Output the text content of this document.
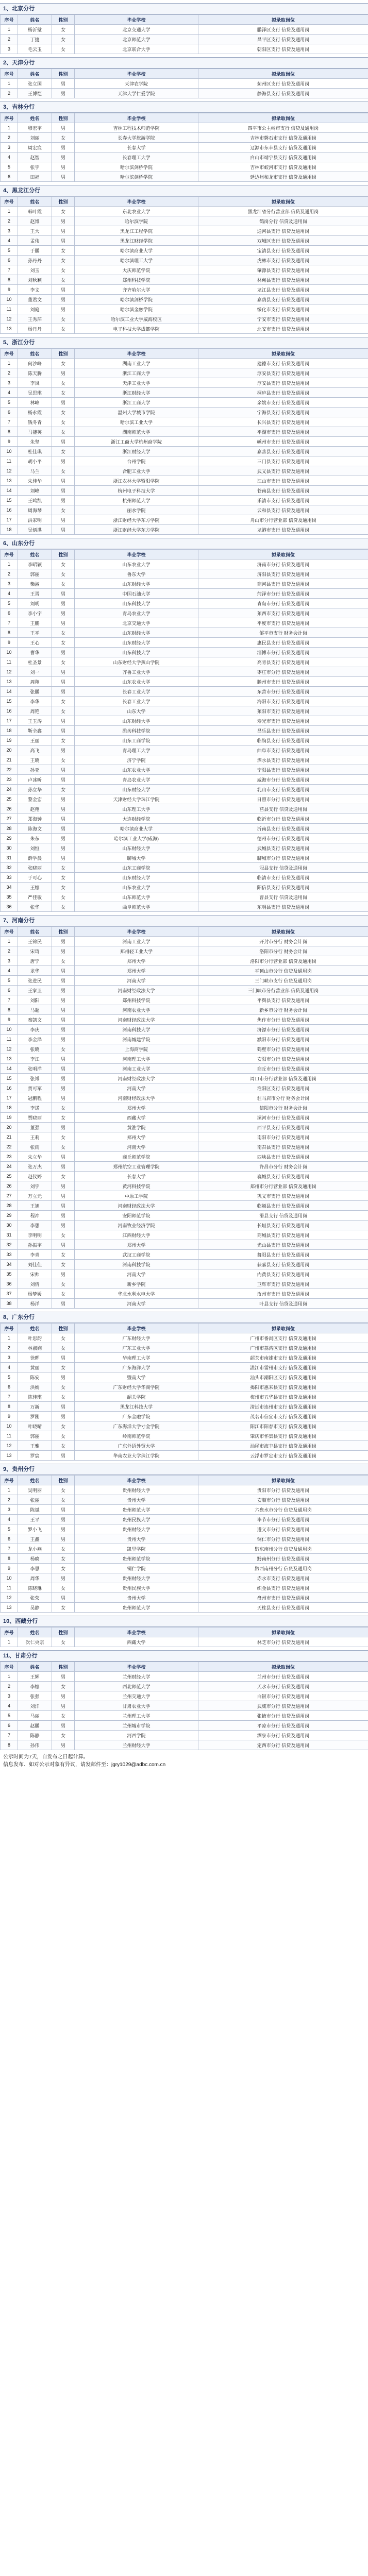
1、北京分行
序号	姓名	性别	毕业学校	拟录取岗位
1	杨沂璧	女	北京交通大学	鹏泽区支行 信贷及通用岗
2	丁捷	女	北京师范大学	昌平区支行 信贷及通用岗
3	毛云玉	女	北京联合大学	朝阳区支行 信贷及通用岗
2、天津分行
序号	姓名	性别	毕业学校	拟录取岗位
1	张立国	男	天津农学院	蓟州区支行 信贷及通用岗
2	王博恺	男	天津大学仁爱学院	静海县支行 信贷及通用岗
3、吉林分行
序号	姓名	性别	毕业学校	拟录取岗位
1	穆宏宇	男	吉林工程技术师范学院	四平市公主岭市支行 信贷及通用岗
2	刘丽	女	长春大学旅游学院	吉林市磐石市支行 信贷及通用岗
3	周宏宸	男	长春大学	辽源市东丰县支行 信贷及通用岗
4	赵智	男	长春理工大学	白山市靖宇县支行 信贷及通用岗
5	张宇	男	哈尔滨剑桥学院	吉林市蛟河市支行 信贷及通用岗
6	田福	男	哈尔滨剑桥学院	延边州和龙市支行 信贷及通用岗
4、黑龙江分行
序号	姓名	性别	毕业学校	拟录取岗位
1	韩叶霞	女	东北农业大学	黑龙江省分行营业部 信贷及通用岗
2	赵博	男	哈尔滨学院	鹤岗分行 信贷及通用岗
3	王大	男	黑龙江工程学院	通河县支行 信贷及通用岗
4	孟伟	男	黑龙江财经学院	双城区支行 信贷及通用岗
5	于鹏	女	哈尔滨商业大学	宝清县支行 信贷及通用岗
6	孙丹丹	女	哈尔滨理工大学	虎林市支行 信贷及通用岗
7	刘玉	女	大庆师范学院	肇源县支行 信贷及通用岗
8	刘秋颖	女	郑州科技学院	林甸县支行 信贷及通用岗
9	李文	男	齐齐哈尔大学	龙江县支行 信贷及通用岗
10	董君文	男	哈尔滨剑桥学院	嘉荫县支行 信贷及通用岗
11	刘庭	男	哈尔滨金融学院	绥化市支行 信贷及通用岗
12	王秀萍	女	哈尔滨工业大学威海校区	宁安市支行 信贷及通用岗
13	杨丹丹	女	电子科技大学成都学院	北安市支行 信贷及通用岗
5、浙江分行
序号	姓名	性别	毕业学校	拟录取岗位
1	何沙峰	女	湖南工业大学	建德市支行 信贷及通用岗
2	陈天腾	男	浙江工商大学	淳安县支行 信贷及通用岗
3	李岚	女	天津工业大学	淳安县支行 信贷及通用岗
4	吴思琪	女	浙江财经大学	桐庐县支行 信贷及通用岗
5	林峰	男	浙江工商大学	余姚市支行 信贷及通用岗
6	杨永霞	女	温州大学城市学院	宁海县支行 信贷及通用岗
7	钱冬青	女	哈尔滨工业大学	长兴县支行 信贷及通用岗
8	马能英	女	湖南师范大学	平湖市支行 信贷及通用岗
9	朱坚	男	浙江工商大学杭州商学院	嵊州市支行 信贷及通用岗
10	杜佳琪	女	浙江财经大学	嘉善县支行 信贷及通用岗
11	胡小平	男	台州学院	三门县支行 信贷及通用岗
12	马兰	女	合肥工业大学	武义县支行 信贷及通用岗
13	朱佳华	男	浙江农林大学暨阳学院	江山市支行 信贷及通用岗
14	刘峰	男	杭州电子科技大学	苍南县支行 信贷及通用岗
15	王鸣凯	男	杭州师范大学	乐清市支行 信贷及通用岗
16	周海琴	女	丽水学院	云和县支行 信贷及通用岗
17	洪家明	男	浙江财经大学东方学院	舟山市分行营业部 信贷及通用岗
18	吴炳洪	男	浙江财经大学东方学院	龙港市支行 信贷及通用岗
6、山东分行
序号	姓名	性别	毕业学校	拟录取岗位
1	李昭颖	女	山东农业大学	济南市分行 信贷及通用岗
2	郭丽	女	鲁东大学	济阳县支行 信贷及通用岗
3	柴淑	女	山东财经大学	商河县支行 信贷及通用岗
4	王晋	男	中国石油大学	菏泽市分行 信贷及通用岗
5	刘明	男	山东科技大学	青岛市分行 信贷及通用岗
6	李小宇	男	青岛农业大学	莱西市支行 信贷及通用岗
7	王鹏	男	北京交通大学	平度市支行 信贷及通用岗
8	王平	女	山东财经大学	邹平市支行 财务会计岗
9	王心	女	山东财经大学	惠民县支行 信贷及通用岗
10	曹华	男	山东科技大学	淄博市分行 信贷及通用岗
11	杜圣景	女	山东财经大学燕山学院	高青县支行 信贷及通用岗
12	刘一	男	齐鲁工业大学	枣庄市分行 信贷及通用岗
13	周翔	男	山东农业大学	滕州市支行 信贷及通用岗
14	张鹏	男	长春工业大学	东营市分行 信贷及通用岗
15	李华	女	长春工业大学	海阳市支行 信贷及通用岗
16	周艳	女	山东大学	莱阳市支行 信贷及通用岗
17	王玉涛	男	山东财经大学	寿光市支行 信贷及通用岗
18	靳全鑫	男	潍坊科技学院	昌乐县支行 信贷及通用岗
19	王丽	女	山东工商学院	临朐县支行 信贷及通用岗
20	高飞	男	青岛理工大学	曲阜市支行 信贷及通用岗
21	王晓	女	济宁学院	泗水县支行 信贷及通用岗
22	孙亚	男	山东农业大学	宁阳县支行 信贷及通用岗
23	卢冰昕	男	青岛农业大学	威海市分行 信贷及通用岗
24	孙立华	女	山东财经大学	乳山市支行 信贷及通用岗
25	黎金宏	男	天津财经大学珠江学院	日照市分行 信贷及通用岗
26	赵翔	男	山东理工大学	莒县支行 信贷及通用岗
27	郑海钟	男	大连财经学院	临沂市分行 信贷及通用岗
28	陈海文	男	哈尔滨商业大学	沂南县支行 信贷及通用岗
29	朱东	男	哈尔滨工业大学(威海)	德州市分行 信贷及通用岗
30	刘恒	男	山东财经大学	武城县支行 信贷及通用岗
31	薛学晨	男	聊城大学	聊城市分行 信贷及通用岗
32	张晓丽	女	山东工商学院	冠县支行 信贷及通用岗
33	于可心	女	山东财经大学	临清市支行 信贷及通用岗
34	王娜	女	山东农业大学	阳信县支行 信贷及通用岗
35	严佳敏	女	山东师范大学	曹县支行 信贷及通用岗
36	张华	女	曲阜师范大学	东明县支行 信贷及通用岗
7、河南分行
序号	姓名	性别	毕业学校	拟录取岗位
1	王锦民	男	河南工业大学	开封市分行 财务会计岗
2	宋琦	男	郑州轻工业大学	洛阳市分行 财务会计岗
3	唐宁	女	郑州大学	洛阳市分行营业部 信贷及通用岗
4	龙华	男	郑州大学	平顶山市分行 信贷及通用岗
5	张进民	男	河南大学	三门峡市支行 信贷及通用岗
6	王家卫	男	河南财经政法大学	三门峡市分行营业部 信贷及通用岗
7	刘阳	男	郑州科技学院	平舆县支行 信贷及通用岗
8	马超	男	河南农业大学	新乡市分行 财务会计岗
9	秦凯文	男	河南财经政法大学	焦作市分行 信贷及通用岗
10	李庆	男	河南科技大学	济源市分行 信贷及通用岗
11	李金泽	男	河南城建学院	濮阳市分行 信贷及通用岗
12	张晓	女	上海商学院	鹤壁市分行 信贷及通用岗
13	李江	男	河南理工大学	安阳市分行 信贷及通用岗
14	张明洋	男	河南工业大学	商丘市分行 信贷及通用岗
15	张博	男	河南财经政法大学	周口市分行营业部 信贷及通用岗
16	贺可军	男	河南大学	淮阳区支行 信贷及通用岗
17	冠鹏程	男	河南财经政法大学	驻马店市分行 财务会计岗
18	李诺	女	郑州大学	信阳市分行 财务会计岗
19	贾晓丽	女	西藏大学	漯河市分行 信贷及通用岗
20	董强	男	黄淮学院	西平县支行 信贷及通用岗
21	王莉	女	郑州大学	南阳市分行 信贷及通用岗
22	张雨	女	河南大学	南召县支行 信贷及通用岗
23	朱立华	男	商丘师范学院	西峡县支行 信贷及通用岗
24	张万杰	男	郑州航空工业管理学院	许昌市分行 财务会计岗
25	赵仪婷	女	长春大学	襄城县支行 信贷及通用岗
26	刘宇	男	黄河科技学院	郑州市分行营业部 信贷及通用岗
27	万立元	男	中原工学院	巩义市支行 信贷及通用岗
28	王旭	男	河南财经政法大学	临颍县支行 信贷及通用岗
29	程冲	男	安阳师范学院	滑县支行 信贷及通用岗
30	李想	男	河南牧业经济学院	长垣县支行 信贷及通用岗
31	李明明	女	江西财经大学	商城县支行 信贷及通用岗
32	孙振宇	男	郑州大学	光山县支行 信贷及通用岗
33	李青	女	武汉工商学院	舞阳县支行 信贷及通用岗
34	刘佳佳	女	河南科技学院	获嘉县支行 信贷及通用岗
35	宋帅	男	河南大学	内黄县支行 信贷及通用岗
36	刘倩	女	新乡学院	卫辉市支行 信贷及通用岗
37	杨梦媛	女	华北水利水电大学	汝州市支行 信贷及通用岗
38	杨洋	男	河南大学	叶县支行 信贷及通用岗
8、广东分行
序号	姓名	性别	毕业学校	拟录取岗位
1	叶思韵	女	广东财经大学	广州市番禺区支行 信贷及通用岗
2	林淑娴	女	广东工业大学	广州市荔湾区支行 信贷及通用岗
3	徐晖	男	华南理工大学	韶关市南雄市支行 信贷及通用岗
4	黄丽	女	广东海洋大学	湛江市雷州市支行 信贷及通用岗
5	陈安	男	暨南大学	汕头市潮阳区支行 信贷及通用岗
6	洪嫣	女	广东财经大学华商学院	揭阳市惠来县支行 信贷及通用岗
7	陈佳琪	女	韶关学院	梅州市五华县支行 信贷及通用岗
8	万新	男	黑龙江科技大学	清远市连州市支行 信贷及通用岗
9	罗刚	男	广东金融学院	茂名市信宜市支行 信贷及通用岗
10	叶晓晴	女	广东海洋大学寸金学院	阳江市阳春市支行 信贷及通用岗
11	郭丽	女	岭南师范学院	肇庆市怀集县支行 信贷及通用岗
12	王雅	女	广东外语外贸大学	汕尾市海丰县支行 信贷及通用岗
13	罗宸	男	华南农业大学珠江学院	云浮市罗定市支行 信贷及通用岗
9、贵州分行
序号	姓名	性别	毕业学校	拟录取岗位
1	吴明丽	女	贵州财经大学	贵阳市分行 信贷及通用岗
2	张丽	女	贵州大学	安顺市分行 信贷及通用岗
3	陈斌	男	贵州师范大学	六盘水市分行 信贷及通用岗
4	王平	男	贵州民族大学	毕节市分行 信贷及通用岗
5	罗小飞	男	贵州财经大学	遵义市分行 信贷及通用岗
6	王鑫	男	贵州大学	铜仁市分行 信贷及通用岗
7	龙小燕	女	凯里学院	黔东南州分行 信贷及通用岗
8	杨晓	女	贵州师范学院	黔南州分行 信贷及通用岗
9	李思	女	铜仁学院	黔西南州分行 信贷及通用岗
10	周华	男	贵州财经大学	赤水市支行 信贷及通用岗
11	陈晓琳	女	贵州民族大学	织金县支行 信贷及通用岗
12	张荣	男	贵州大学	盘州市支行 信贷及通用岗
13	吴静	女	贵州师范大学	天柱县支行 信贷及通用岗
10、西藏分行
序号	姓名	性别	毕业学校	拟录取岗位
1	次仁央宗	女	西藏大学	林芝市分行 信贷及通用岗
11、甘肃分行
序号	姓名	性别	毕业学校	拟录取岗位
1	王辉	男	兰州财经大学	兰州市分行 信贷及通用岗
2	李娜	女	西北师范大学	天水市分行 信贷及通用岗
3	张强	男	兰州交通大学	白银市分行 信贷及通用岗
4	刘洋	男	甘肃农业大学	武威市分行 信贷及通用岗
5	马丽	女	兰州理工大学	张掖市分行 信贷及通用岗
6	赵鹏	男	兰州城市学院	平凉市分行 信贷及通用岗
7	陈静	女	河西学院	酒泉市分行 信贷及通用岗
8	孙伟	男	兰州财经大学	定西市分行 信贷及通用岗
公示时间为7天，自发布之日起计算。
信息发布、如对公示对象有异议，请发邮件至：jgry1029@adbc.com.cn
